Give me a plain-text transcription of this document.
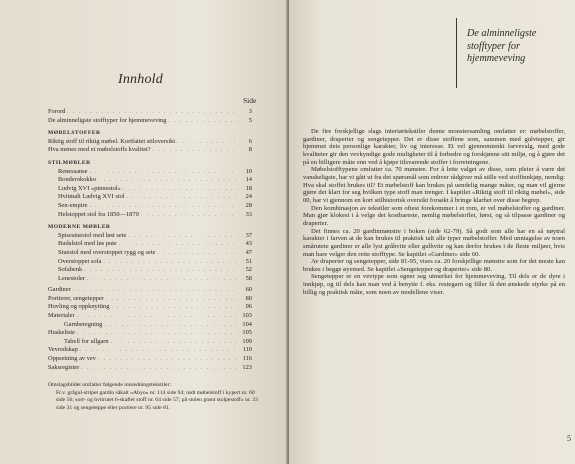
Innhold
Side
Forord . . .	3
De alminneligste stofftyper for hjemmeveving . . .	5
MØBELSTOFFER
Riktig stoff til riktig møbel. Kortfattet stiloversikt . . .	6
Hva menes med et møbelstoffs kvalitet? . . .	8
STILMØBLER
Renessanse . . .	10
Bonderokokko . . .	14
Ludvig XVI «pinnestol» . . .	18
Hvitmalt Ludvig XVI stol . . .	24
Sen-empire . . .	28
Helstoppet stol fra 1850—1870 . . .	33
MODERNE MØBLER
Spisestuestol med løst sete . . .	37
Budalstol med løs pute . . .	43
Stuestol med overstoppet rygg og sete . . .	47
Overstoppet sofa . . .	51
Sofabenk . . .	52
Lenestoler . . .	58
Gardiner . . .	60
Portierer, sengetepper . . .	80
Hovling og oppknytting . . .	96
Materialer . . .	103
Garnberegning . . .	104
Huskeliste . . .	105
Tabell for ullgarn . . .	109
Vevredskap . . .	110
Oppsetning av vev . . .	116
Saksregister . . .	123
Omslagsbildet omfatter følgende innredningstekstiler:
Fr.v. grågul-stripet gardin såkalt «Abyo» nr. 114 side 94; rødt møbelstoff i kypert nr. 60 side 56; sort- og hvitrutet 6-skaftet stoff nr. 64 side 57; på stolen grønt stolpestoff» nr. 33 side 31 og sengeteppe eller portiere nr. 95 side 81.
De alminneligste
stofftyper for
hjemmeveving

De fire forskjellige slags interiørtekstiler denne monstersamling omfatter er: møbelstoffer, gardiner, draperier og sengetepper. Det er disse stoffene som, sammen med gulvtepper, gir hjemmet dets personlige karakter, liv og interesse. Et vel gjennomtenkt farvevalg, med gode kvaliteter gir den vevkyndige gode muligheter til å forbedre og forskjønne sitt miljø, og å gjøre det på en billigere måte enn ved å kjøpe tilsvarende stoffer i forretningene.

Møbelstofftypene omfatter ca. 70 mønstre. For å lette valget av disse, som pleier å være det vanskeligste, har vi gått ut fra det spørsmål som enhver rådgiver må stille ved stoffinnkjøp, nemlig: Hva skal stoffet brukes til? Et møbelstoff kan brukes på uendelig mange måter, og man vil gjerne gjøre det klart for seg hvilken type stoff man trenger. I kapitlet «Riktig stoff til riktig møbel», side 00, har vi gjennom en kort stilhistorisk oversikt forsøkt å bringe klarhet over disse begrep.

Den kombinasjon av tekstiler som oftest forekommer i et rom, er vel møbelstoffer og gardiner. Man gjør klokest i å velge det kostbareste, nemlig møbelstoffet, først, og så tilpasse gardiner og draperier.

Det finnes ca. 20 gardinmønstre i boken (side 62-79). Så godt som alle har en så nøytral karakter i farven at de kan brukes til praktisk talt alle typer møbelstoffer. Med unntagelse av noen smårutete gardiner er alle lyst gråhvite eller gulhvite og kan derfor brukes i de fleste miljøer, hvis man bare velger den rette stofftype. Se kapitlet «Gardiner» side 60.

Av draperier og sengetepper, side 81-95, vises ca. 20 forskjellige mønstre som for det meste kan brukes i begge øyemed. Se kapitlet «Sengetepper og draperier» side 80.

Sengetepper er en vevtype som egner seg utmerket for hjemmeveving. Til dels er de dyre i innkjøp, og til dels kan man ved å benytte f. eks. restegarn og filler få den ønskede styrke på en billig og praktisk måte, som noen av modellene viser.

5
